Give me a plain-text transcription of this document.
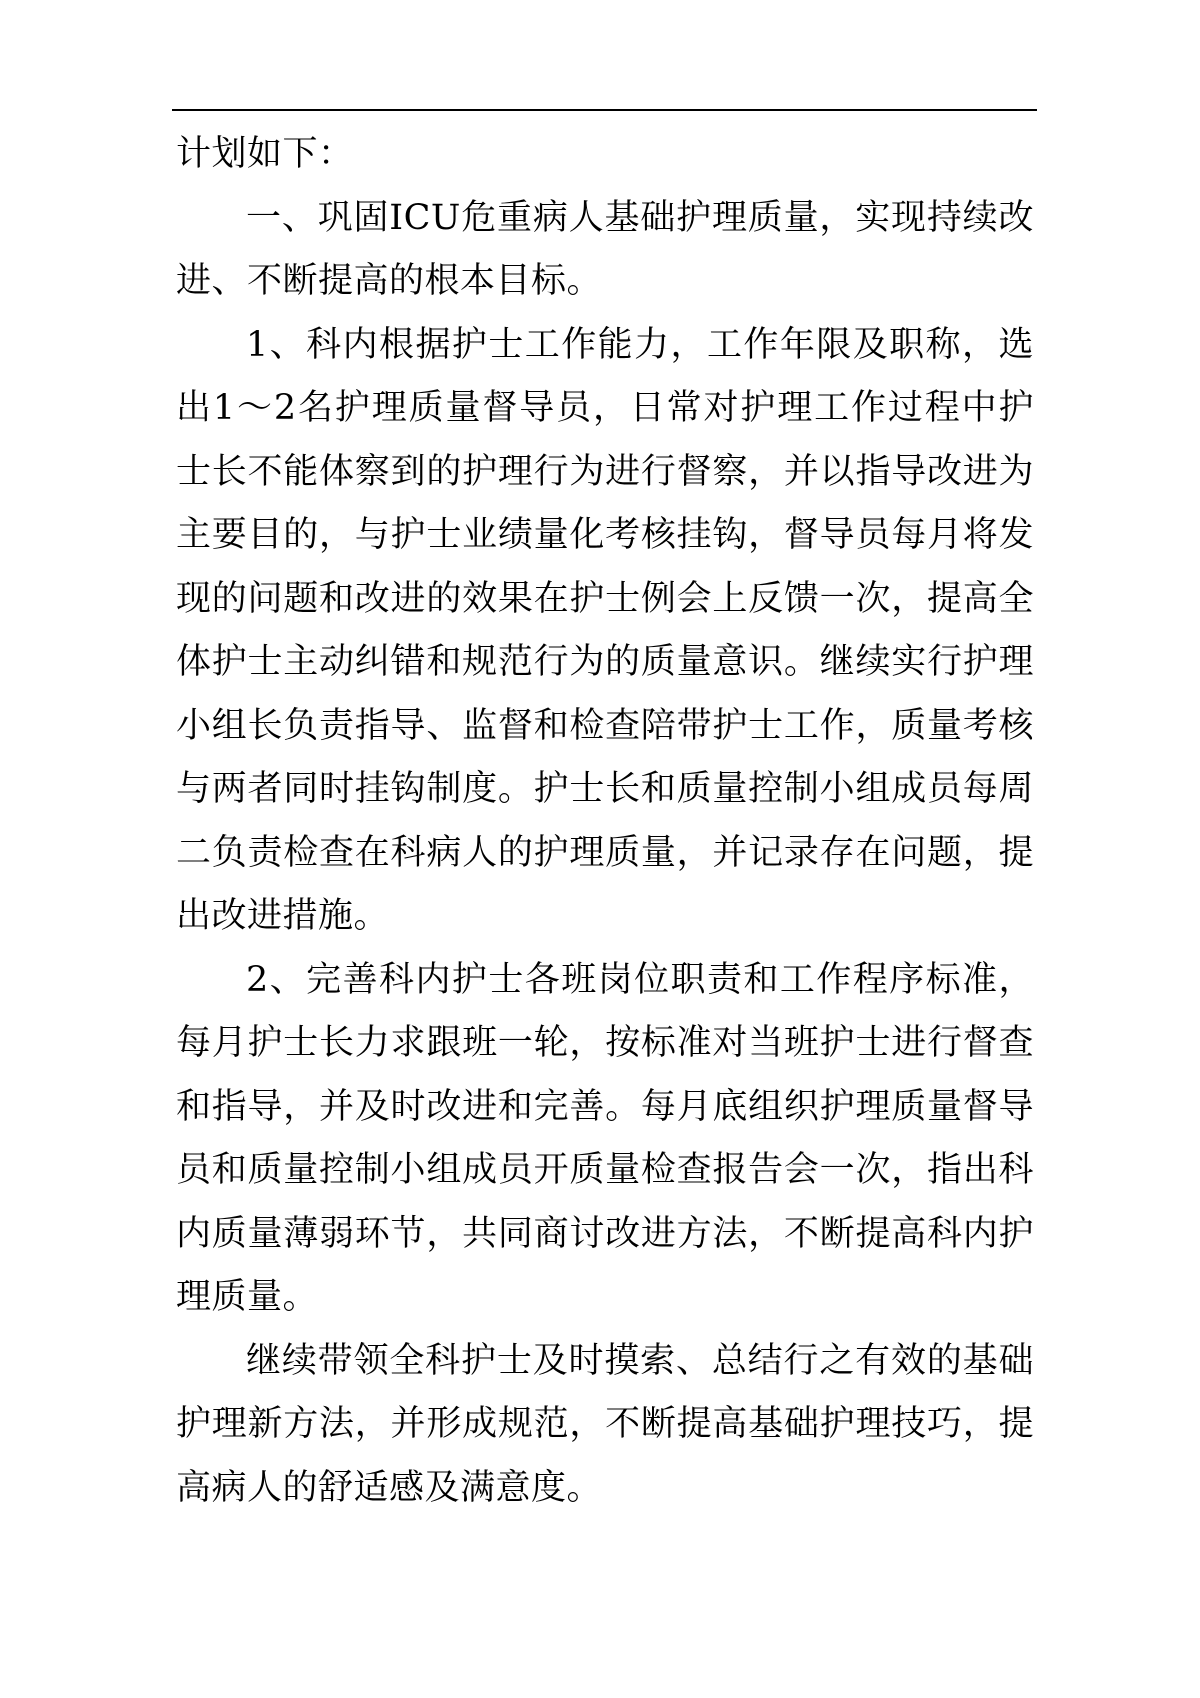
计划如下：

一、巩固ICU危重病人基础护理质量，实现持续改进、不断提高的根本目标。

1、科内根据护士工作能力，工作年限及职称，选出1～2名护理质量督导员，日常对护理工作过程中护士长不能体察到的护理行为进行督察，并以指导改进为主要目的，与护士业绩量化考核挂钩，督导员每月将发现的问题和改进的效果在护士例会上反馈一次，提高全体护士主动纠错和规范行为的质量意识。继续实行护理小组长负责指导、监督和检查陪带护士工作，质量考核与两者同时挂钩制度。护士长和质量控制小组成员每周二负责检查在科病人的护理质量，并记录存在问题，提出改进措施。

2、完善科内护士各班岗位职责和工作程序标准，每月护士长力求跟班一轮，按标准对当班护士进行督查和指导，并及时改进和完善。每月底组织护理质量督导员和质量控制小组成员开质量检查报告会一次，指出科内质量薄弱环节，共同商讨改进方法，不断提高科内护理质量。

继续带领全科护士及时摸索、总结行之有效的基础护理新方法，并形成规范，不断提高基础护理技巧，提高病人的舒适感及满意度。
